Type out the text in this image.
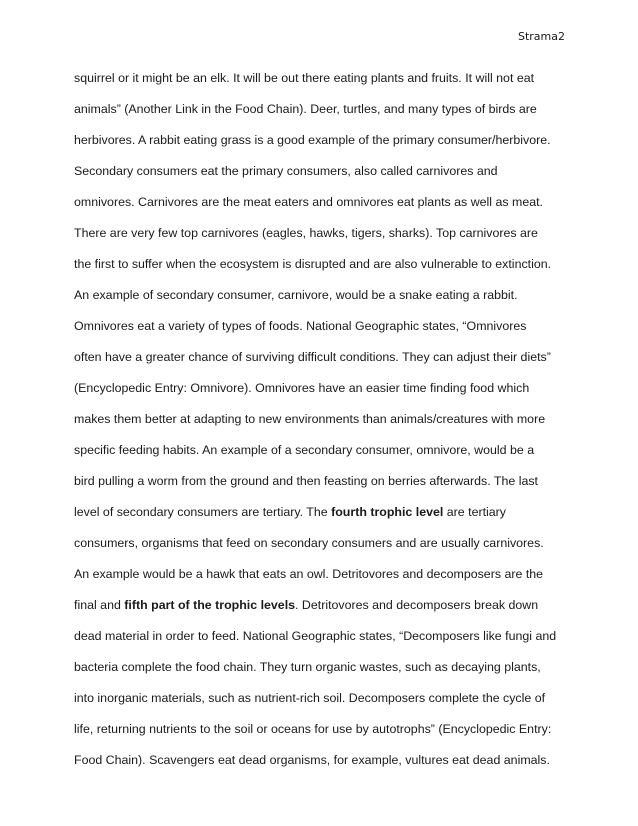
Strama2
squirrel or it might be an elk. It will be out there eating plants and fruits. It will not eat
animals” (Another Link in the Food Chain). Deer, turtles, and many types of birds are
herbivores. A rabbit eating grass is a good example of the primary consumer/herbivore.
Secondary consumers eat the primary consumers, also called carnivores and
omnivores. Carnivores are the meat eaters and omnivores eat plants as well as meat.
There are very few top carnivores (eagles, hawks, tigers, sharks). Top carnivores are
the first to suffer when the ecosystem is disrupted and are also vulnerable to extinction.
An example of secondary consumer, carnivore, would be a snake eating a rabbit.
Omnivores eat a variety of types of foods. National Geographic states, “Omnivores
often have a greater chance of surviving difficult conditions. They can adjust their diets”
(Encyclopedic Entry: Omnivore). Omnivores have an easier time finding food which
makes them better at adapting to new environments than animals/creatures with more
specific feeding habits. An example of a secondary consumer, omnivore, would be a
bird pulling a worm from the ground and then feasting on berries afterwards. The last
level of secondary consumers are tertiary. The fourth trophic level are tertiary
consumers, organisms that feed on secondary consumers and are usually carnivores.
An example would be a hawk that eats an owl. Detritovores and decomposers are the
final and fifth part of the trophic levels. Detritovores and decomposers break down
dead material in order to feed. National Geographic states, “Decomposers like fungi and
bacteria complete the food chain. They turn organic wastes, such as decaying plants,
into inorganic materials, such as nutrient-rich soil. Decomposers complete the cycle of
life, returning nutrients to the soil or oceans for use by autotrophs” (Encyclopedic Entry:
Food Chain). Scavengers eat dead organisms, for example, vultures eat dead animals.
